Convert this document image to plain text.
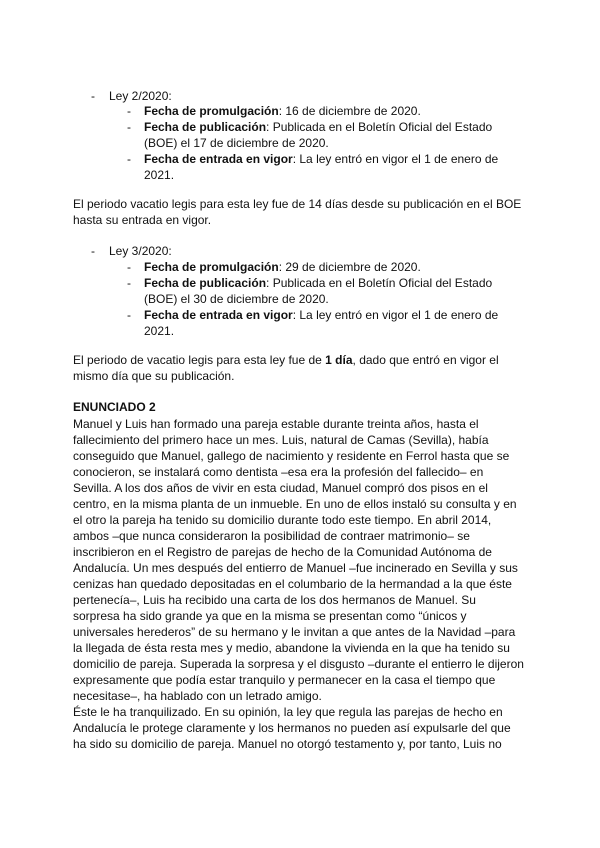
- Ley 2/2020:
- Fecha de promulgación: 16 de diciembre de 2020.
- Fecha de publicación: Publicada en el Boletín Oficial del Estado
(BOE) el 17 de diciembre de 2020.
- Fecha de entrada en vigor: La ley entró en vigor el 1 de enero de
2021.
El periodo vacatio legis para esta ley fue de 14 días desde su publicación en el BOE
hasta su entrada en vigor.
- Ley 3/2020:
- Fecha de promulgación: 29 de diciembre de 2020.
- Fecha de publicación: Publicada en el Boletín Oficial del Estado
(BOE) el 30 de diciembre de 2020.
- Fecha de entrada en vigor: La ley entró en vigor el 1 de enero de
2021.
El periodo de vacatio legis para esta ley fue de 1 día, dado que entró en vigor el
mismo día que su publicación.
ENUNCIADO 2
Manuel y Luis han formado una pareja estable durante treinta años, hasta el
fallecimiento del primero hace un mes. Luis, natural de Camas (Sevilla), había
conseguido que Manuel, gallego de nacimiento y residente en Ferrol hasta que se
conocieron, se instalará como dentista –esa era la profesión del fallecido– en
Sevilla. A los dos años de vivir en esta ciudad, Manuel compró dos pisos en el
centro, en la misma planta de un inmueble. En uno de ellos instaló su consulta y en
el otro la pareja ha tenido su domicilio durante todo este tiempo. En abril 2014,
ambos –que nunca consideraron la posibilidad de contraer matrimonio– se
inscribieron en el Registro de parejas de hecho de la Comunidad Autónoma de
Andalucía. Un mes después del entierro de Manuel –fue incinerado en Sevilla y sus
cenizas han quedado depositadas en el columbario de la hermandad a la que éste
pertenecía–, Luis ha recibido una carta de los dos hermanos de Manuel. Su
sorpresa ha sido grande ya que en la misma se presentan como “únicos y
universales herederos” de su hermano y le invitan a que antes de la Navidad –para
la llegada de ésta resta mes y medio, abandone la vivienda en la que ha tenido su
domicilio de pareja. Superada la sorpresa y el disgusto –durante el entierro le dijeron
expresamente que podía estar tranquilo y permanecer en la casa el tiempo que
necesitase–, ha hablado con un letrado amigo.
Éste le ha tranquilizado. En su opinión, la ley que regula las parejas de hecho en
Andalucía le protege claramente y los hermanos no pueden así expulsarle del que
ha sido su domicilio de pareja. Manuel no otorgó testamento y, por tanto, Luis no
